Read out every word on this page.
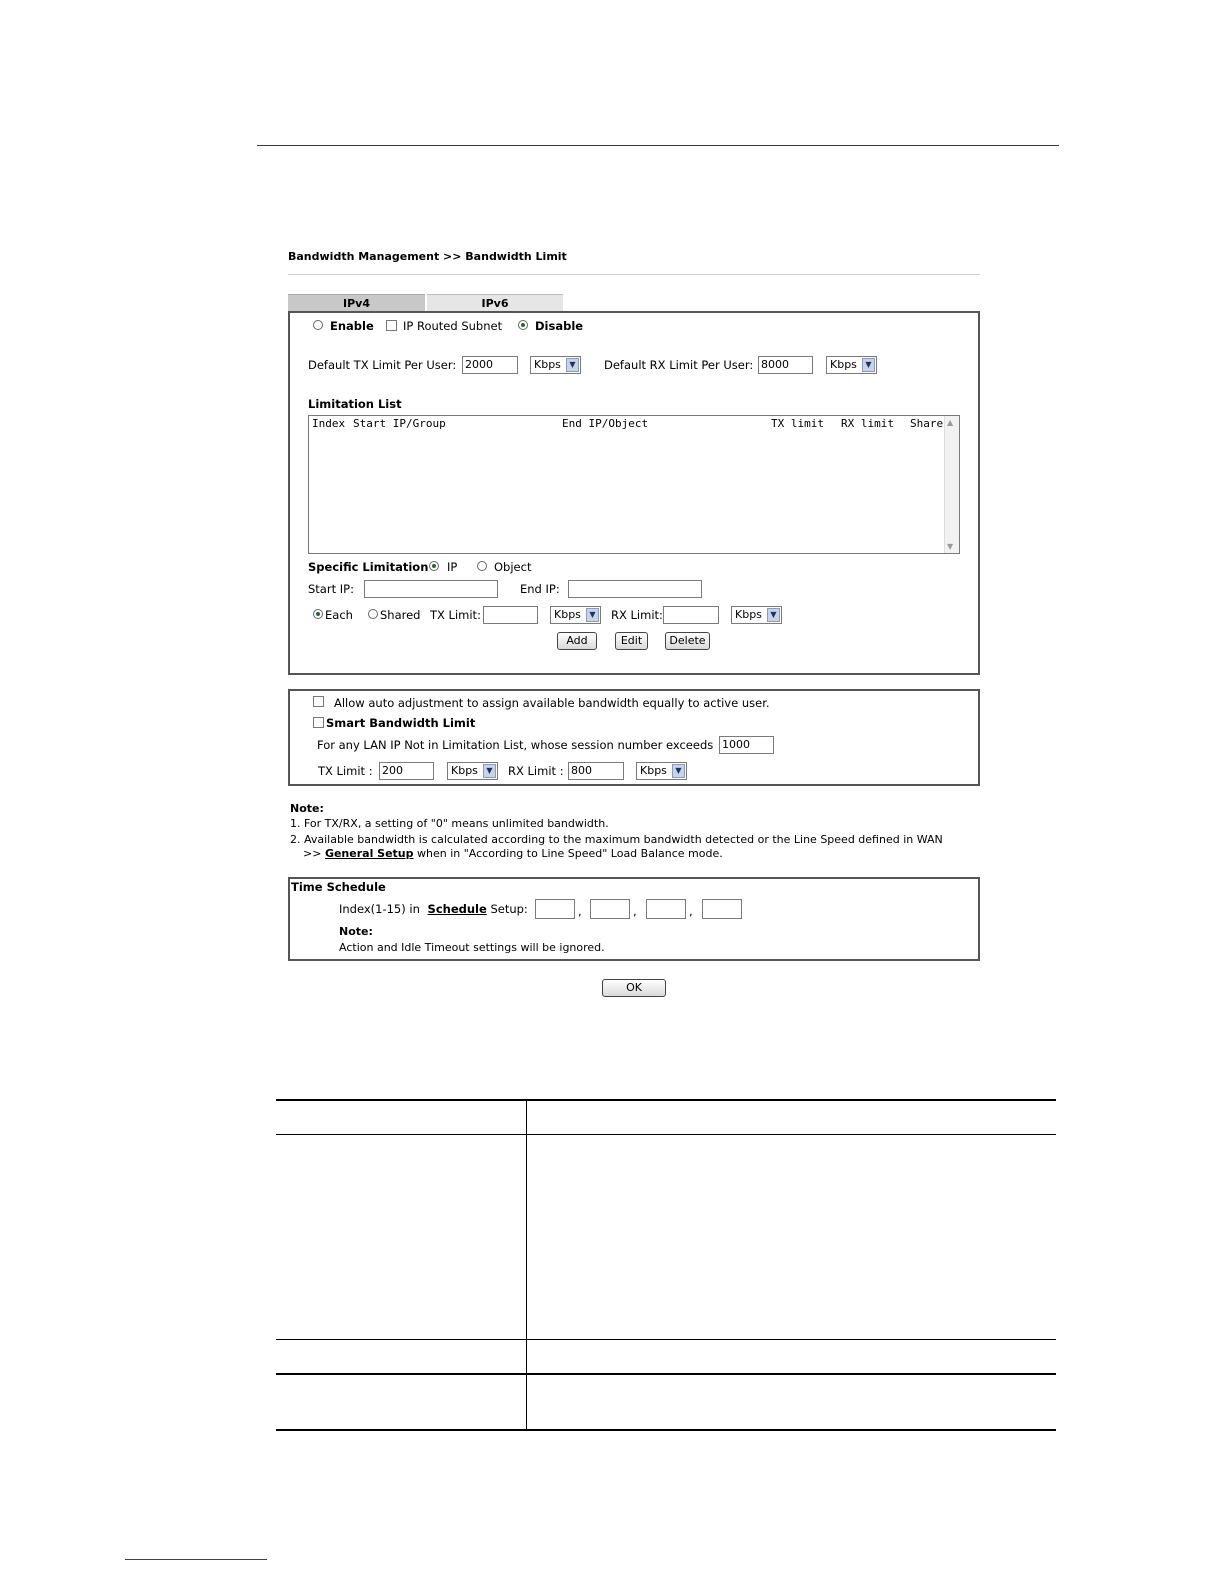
Bandwidth Management >> Bandwidth Limit
IPv4	IPv6
Enable	IP Routed Subnet	Disable
Default TX Limit Per User: 2000	Kbps	▼ Default RX Limit Per User: 8000	Kbps	▼
Limitation List
Index Start IP/Group	End IP/Object	TX limit RX limit Share ▲
▼
Specific Limitation IP	Object
Start IP:	End IP:
Each Shared TX Limit:	Kbps	▼ RX Limit:	Kbps	▼
Add	Edit	Delete
Allow auto adjustment to assign available bandwidth equally to active user.
Smart Bandwidth Limit
For any LAN IP Not in Limitation List, whose session number exceeds 1000
TX Limit : 200	Kbps	▼ RX Limit : 800	Kbps	▼
Note:
1. For TX/RX, a setting of "0" means unlimited bandwidth.
2. Available bandwidth is calculated according to the maximum bandwidth detected or the Line Speed defined in WAN
>> General Setup when in "According to Line Speed" Load Balance mode.
Time Schedule
Index(1-15) in Schedule Setup:	,	,	,
Note:
Action and Idle Timeout settings will be ignored.
OK
